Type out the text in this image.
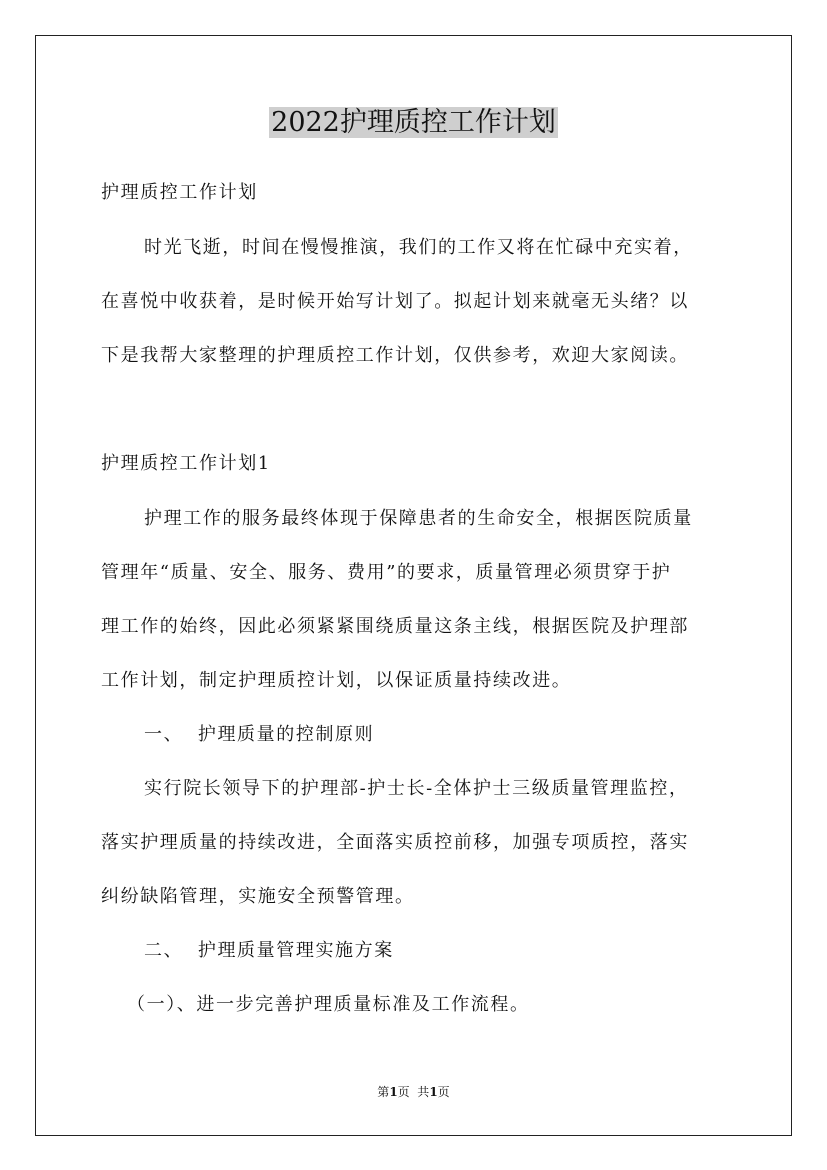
2022护理质控工作计划
护理质控工作计划
时光飞逝，时间在慢慢推演，我们的工作又将在忙碌中充实着，
在喜悦中收获着，是时候开始写计划了。拟起计划来就毫无头绪？以
下是我帮大家整理的护理质控工作计划，仅供参考，欢迎大家阅读。
护理质控工作计划1
护理工作的服务最终体现于保障患者的生命安全，根据医院质量
管理年“质量、安全、服务、费用”的要求，质量管理必须贯穿于护
理工作的始终，因此必须紧紧围绕质量这条主线，根据医院及护理部
工作计划，制定护理质控计划，以保证质量持续改进。
一、  护理质量的控制原则
实行院长领导下的护理部-护士长-全体护士三级质量管理监控，
落实护理质量的持续改进，全面落实质控前移，加强专项质控，落实
纠纷缺陷管理，实施安全预警管理。
二、  护理质量管理实施方案
（一）、进一步完善护理质量标准及工作流程。
第1页  共1页
